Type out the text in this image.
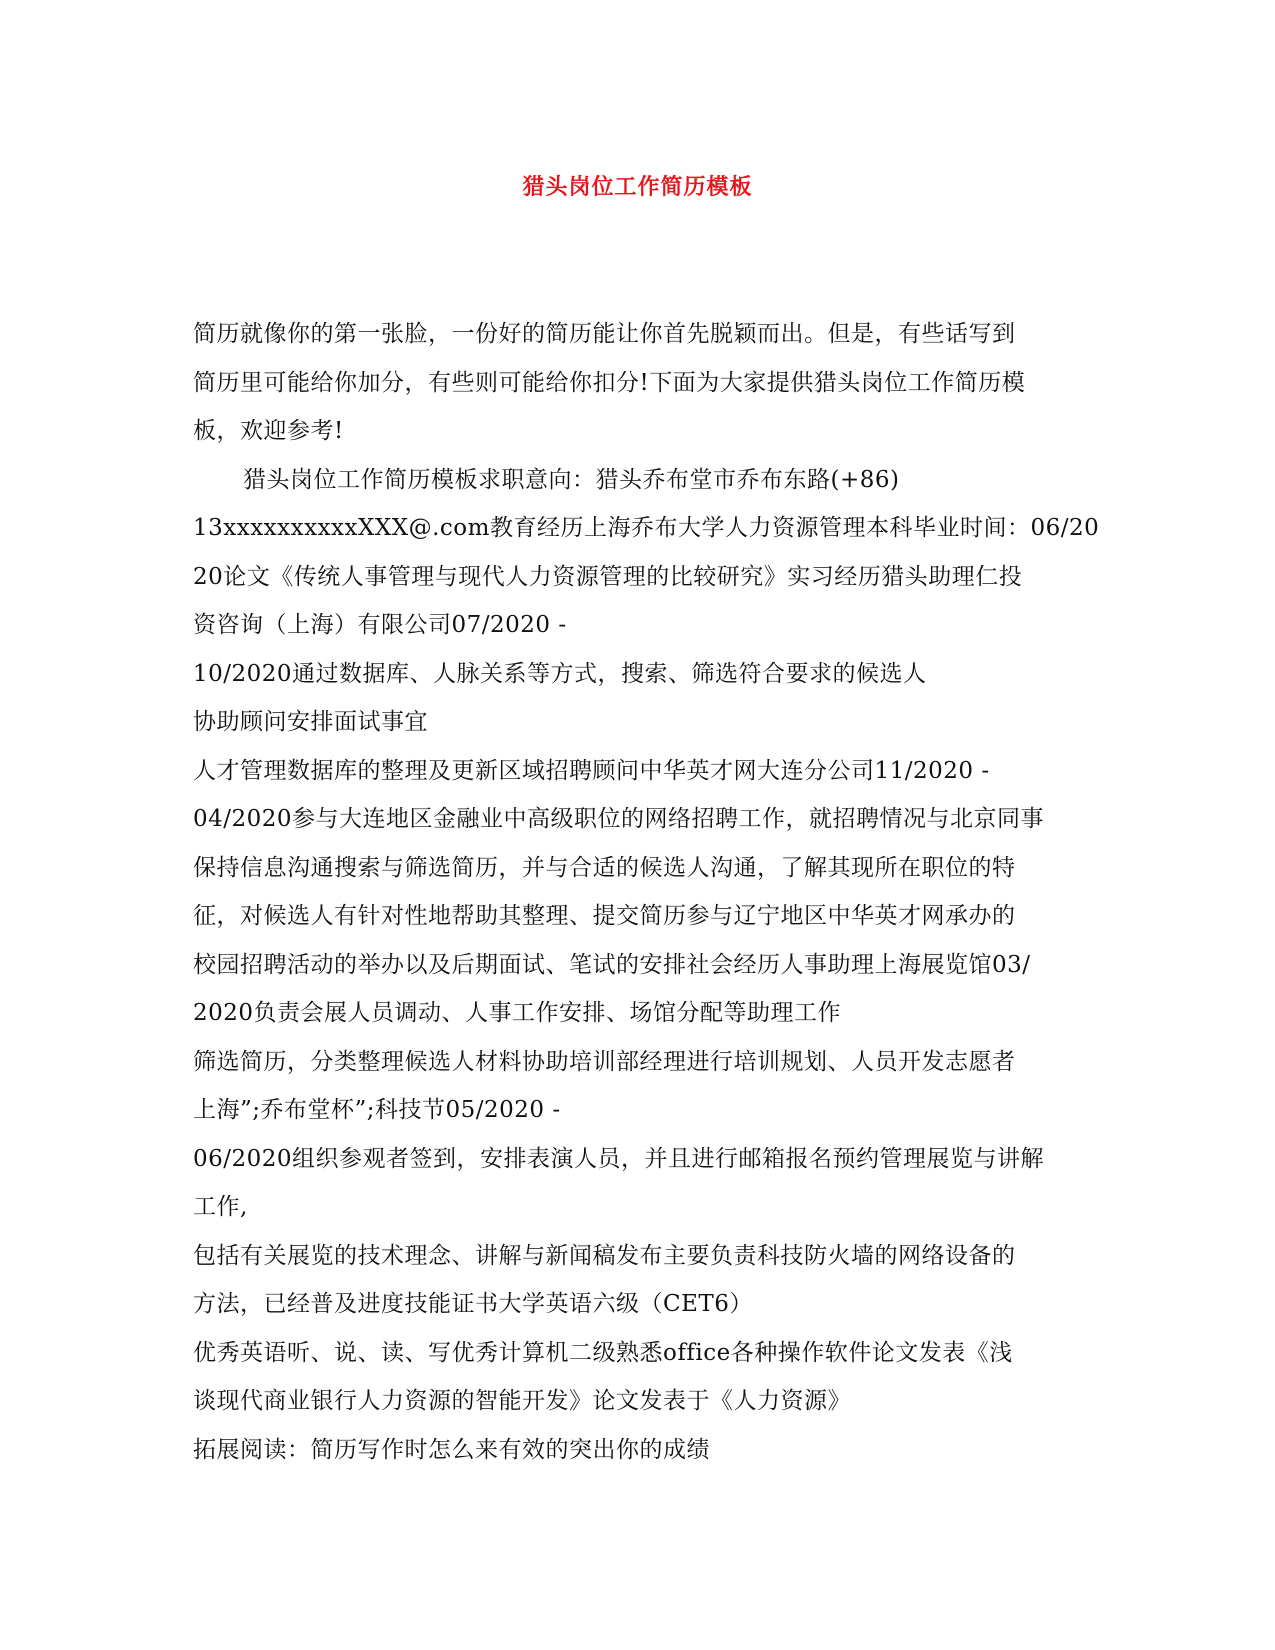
猎头岗位工作简历模板
简历就像你的第一张脸，一份好的简历能让你首先脱颖而出。但是，有些话写到
简历里可能给你加分，有些则可能给你扣分!下面为大家提供猎头岗位工作简历模
板，欢迎参考!
猎头岗位工作简历模板求职意向：猎头乔布堂市乔布东路(+86)
13xxxxxxxxxxXXX@.com教育经历上海乔布大学人力资源管理本科毕业时间：06/20
20论文《传统人事管理与现代人力资源管理的比较研究》实习经历猎头助理仁投
资咨询（上海）有限公司07/2020 -
10/2020通过数据库、人脉关系等方式，搜索、筛选符合要求的候选人
协助顾问安排面试事宜
人才管理数据库的整理及更新区域招聘顾问中华英才网大连分公司11/2020 -
04/2020参与大连地区金融业中高级职位的网络招聘工作，就招聘情况与北京同事
保持信息沟通搜索与筛选简历，并与合适的候选人沟通，了解其现所在职位的特
征，对候选人有针对性地帮助其整理、提交简历参与辽宁地区中华英才网承办的
校园招聘活动的举办以及后期面试、笔试的安排社会经历人事助理上海展览馆03/
2020负责会展人员调动、人事工作安排、场馆分配等助理工作
筛选简历，分类整理候选人材料协助培训部经理进行培训规划、人员开发志愿者
上海”;乔布堂杯”;科技节05/2020 -
06/2020组织参观者签到，安排表演人员，并且进行邮箱报名预约管理展览与讲解
工作,
包括有关展览的技术理念、讲解与新闻稿发布主要负责科技防火墙的网络设备的
方法，已经普及进度技能证书大学英语六级（CET6）
优秀英语听、说、读、写优秀计算机二级熟悉office各种操作软件论文发表《浅
谈现代商业银行人力资源的智能开发》论文发表于《人力资源》
拓展阅读：简历写作时怎么来有效的突出你的成绩
